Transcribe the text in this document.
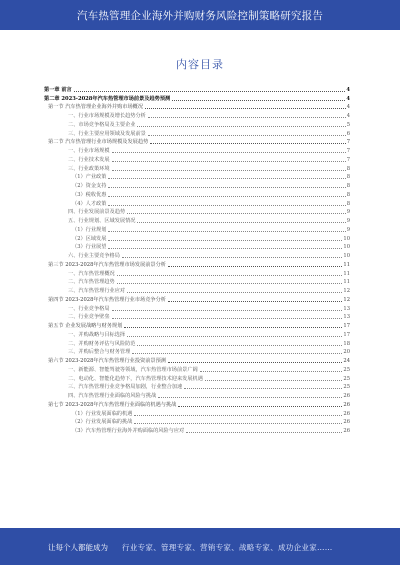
汽车热管理企业海外并购财务风险控制策略研究报告
内容目录
第一章 前言	4
第二章 2023-2028年汽车热管理市场前景及趋势预测	4
第一节 汽车热管理企业海外并购市场概况	4
一、行业市场规模及增长趋势分析	4
二、市场竞争格局及主要企业	5
三、行业主要应用领域及发展前景	6
第二节 汽车热管理行业市场规模及发展趋势	7
一、行业市场规模	7
二、行业技术发展	7
三、行业政策环境	8
（1）产业政策	8
（2）资金支持	8
（3）税收优惠	8
（4）人才政策	8
四、行业发展前景及趋势	9
五、行业规划、区域发展情况	9
（1）行业规划	9
（2）区域发展	10
（3）行业展望	10
六、行业主要竞争格局	10
第三节 2023-2028年汽车热管理市场发展前景分析	11
一、汽车热管理概况	11
二、汽车热管理趋势	11
三、汽车热管理行业应对	12
第四节 2023-2028年汽车热管理行业市场竞争分析	12
一、行业竞争格局	13
二、行业竞争壁垒	13
第五节 企业发展战略与财务规划	17
一、并购战略与目标选择	17
二、并购财务评估与风险防范	18
三、并购后整合与财务管理	20
第六节 2023-2028年汽车热管理行业投资前景预测	24
一、新能源、智能驾驶等领域，汽车热管理市场前景广阔	25
二、电动化、智能化趋势下，汽车热管理技术迎来发展机遇	25
三、汽车热管理行业竞争格局加剧，行业整合加速	25
四、汽车热管理行业面临的风险与挑战	26
第七节 2023-2028年汽车热管理行业面临的机遇与挑战	26
（1）行业发展面临的机遇	26
（2）行业发展面临的挑战	26
（3）汽车热管理行业海外并购面临的风险与应对	26
让每个人都能成为 行业专家、管理专家、营销专家、战略专家、成功企业家……
